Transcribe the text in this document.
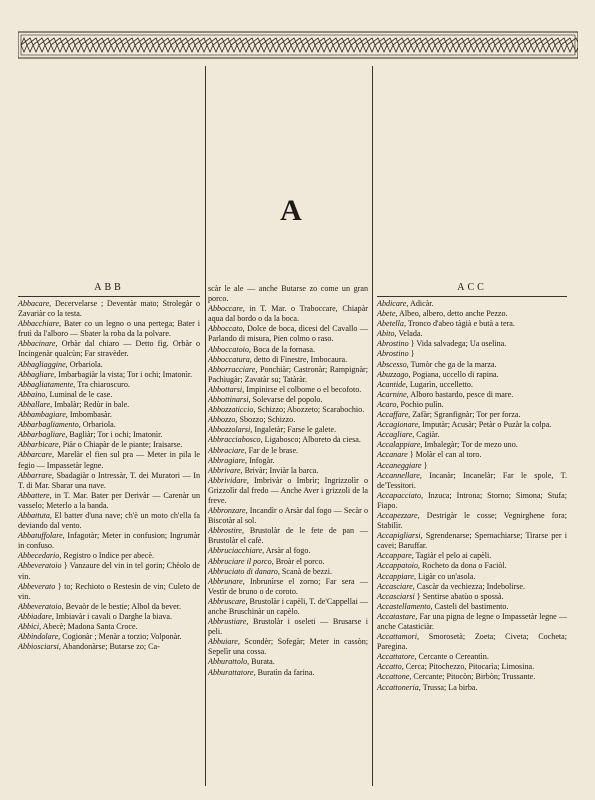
A
ABB	ACC

Abbacare, Decervelarse ; Deventàr mato; Strolegàr o Zavariàr co la testa.

Abbacchiare, Bater co un legno o una pertega; Bater i frutì da l'alboro — Sbater la roba da la polvare.

Abbacinare, Orbàr dal chiaro — Detto fig. Orbàr o Incingenàr qualcùn; Far stravèder.

Abbagliaggine, Orbariola.

Abbagliare, Imbarbagiàr la vista; Tor i ochi; Imatonìr.

Abbagliatamente, Tra chiaroscuro.

Abbaino, Luminal de le case.

Abballare, Imbalàr; Redùr in bale.

Abbambagiare, Imbombasàr.

Abbarbagliamento, Orbariola.

Abbarbagliare, Bagliàr; Tor i ochi; Imatonìr.

Abbarbicare, Piàr o Chiapàr de le piante; Iraisarse.

Abbarcare, Marelàr el fien sul pra — Meter in pila le fegio — Impassetàr legne.

Abbarrare, Sbadagiàr o Intressàr, T. dei Muratori — In T. di Mar. Sbarar una nave.

Abbattere, in T. Mar. Bater per Derivàr — Carenàr un vasselo; Meterlo a la banda.

Abbattuta, El batter d'una nave; ch'è un moto ch'ella fa deviando dal vento.

Abbatuffolare, Infagotàr; Meter in confusion; Ingrumàr in confuso.

Abbecedario, Registro o Indice per abecè.

Abbeveratoio } Vanzaure del vin in tel gorin; Chèolo de vin.

Abbeverato } to; Rechioto o Restesin de vin; Culeto de vin.

Abbeveratoio, Bevaòr de le bestie; Albol da bever.

Abbiadare, Imbiavàr i cavali o Darghe la biava.

Abbici, Abecè; Madona Santa Croce.

Abbindolare, Cogionàr ; Menàr a torzio; Volponàr.

Abbiosciarsi, Abandonàrse; Butarse zo; Ca-

scàr le ale — anche Butarse zo come un gran porco.

Abboccare, in T. Mar. o Traboccare, Chiapàr aqua dal bordo o da la boca.

Abboccato, Dolce de boca, dicesi del Cavallo — Parlando di misura, Pien colmo o raso.

Abboccatoio, Boca de la fornasa.

Abboccatura, detto di Finestre, Imbocaura.

Abborracciare, Ponchiàr; Castronàr; Rampignàr; Pachiugàr; Zavatàr su; Tatàràr.

Abbottarsi, Impinirse el colbome o el becofoto.

Abbottinarsi, Solevarse del popolo.

Abbozzaticcio, Schizzo; Abozzeto; Scarabochio.

Abbozzo, Sbozzo; Schizzo.

Abbozzolarsi, Ingaletàr; Farse le galete.

Abbracciabosco, Ligabosco; Alboreto da ciesa.

Abbraciare, Far de le brase.

Abbragiare, Infogàr.

Abbrivare, Brivàr; Inviàr la barca.

Abbrividare, Imbrivàr o Imbrìr; Ingrizzolìr o Grizzolìr dal fredo — Anche Aver i grizzoli de la freve.

Abbronzare, Incandìr o Arsàr dal fogo — Secàr o Biscotàr al sol.

Abbrostire, Brustolàr de le fete de pan — Brustolàr el cafè.

Abbruciacchiare, Arsàr al fogo.

Abbruciare il porco, Broàr el porco.

Abbruciato di danaro, Scanà de bezzi.

Abbrunare, Inbrunìrse el zorno; Far sera — Vestìr de bruno o de coroto.

Abbruscare, Brustolàr i capèli, T. de'Cappellai — anche Bruschinàr un capèlo.

Abbrustiare, Brustolàr i oseleti — Brusarse i peli.

Abbuiare, Scondèr; Sofegàr; Meter in cassòn; Sepelìr una cossa.

Abburattolo, Burata.

Abburattatore, Buratìn da farina.

Abdicare, Adicàr.

Abete, Albeo, albero, detto anche Pezzo.

Abetella, Tronco d'abeo tàgià e butà a tera.

Abito, Velada.

Abrostino } Vida salvadega; Ua oselina.

Abrostino }

Abscesso, Tumòr che ga de la marza.

Abuzzago, Pogiana, uccello di rapina.

Acantide, Lugarìn, uccelletto.

Acarnine, Alboro bastardo, pesce di mare.

Acaro, Pochio pulìn.

Accaffare, Zafàr; Sgranfignàr; Tor per forza.

Accagionare, Imputàr; Acusàr; Petàr o Puzàr la colpa.

Accagliare, Cagiàr.

Accalappiare, Imbalegàr; Tor de mezo uno.

Accanare } Molàr el can al toro.

Accaneggiare }

Accannellare, Incanàr; Incanelàr; Far le spole, T. de'Tessitori.

Accapacciato, Inzuca; Introna; Storno; Simona; Stufa; Fiapo.

Accapezzare, Destrigàr le cosse; Vegnirghene fora; Stabilìr.

Accapigliarsi, Sgrendenarse; Spernachiarse; Tirarse per i cavei; Baruffar.

Accappare, Tagiàr el pelo ai capèli.

Accappatoio, Rocheto da dona o Faciòl.

Accappiare, Ligàr co un'asola.

Accasciare, Cascàr da vechiezza; Indebolirse.

Accasciarsi } Sentirse abatùo o spossà.

Accastellamento, Casteli del bastimento.

Accatastare, Far una pigna de legne o Impassetàr legne — anche Catasticiàr.

Accattamori, Smorosetà; Zoeta; Civeta; Cocheta; Paregina.

Accattatore, Cercante o Cereantìn.

Accatto, Cerca; Pitochezzo, Pitocarìa; Limosina.

Accattone, Cercante; Pitocòn; Birbòn; Trussante.

Accattoneria, Trussa; La birba.
